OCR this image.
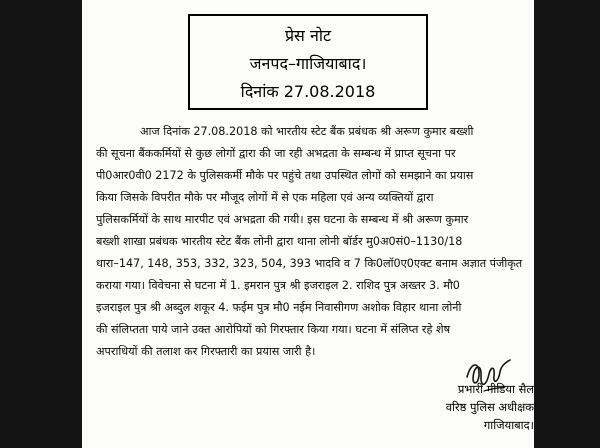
प्रेस नोट
जनपद–गाजियाबाद।
दिनांक 27.08.2018
आज दिनांक 27.08.2018 को भारतीय स्टेट बैंक प्रबंधक श्री अरूण कुमार बख्शी
की सूचना बैंककर्मियों से कुछ लोगों द्वारा की जा रही अभद्रता के सम्बन्ध में प्राप्त सूचना पर
पी0आर0वी0 2172 के पुलिसकर्मी मौके पर पहुंचे तथा उपस्थित लोगों को समझाने का प्रयास
किया जिसके विपरीत मौके पर मौजूद लोगों में से एक महिला एवं अन्य व्यक्तियों द्वारा
पुलिसकर्मियों के साथ मारपीट एवं अभद्रता की गयी। इस घटना के सम्बन्ध में श्री अरूण कुमार
बख्शी शाखा प्रबंधक भारतीय स्टेट बैंक लोनी द्वारा थाना लोनी बॉर्डर मु0अ0सं0–1130/18
धारा–147, 148, 353, 332, 323, 504, 393 भादवि व 7 कि0लॉ0ए0एक्ट बनाम अज्ञात पंजीकृत
कराया गया। विवेचना से घटना में 1. इमरान पुत्र श्री इजराइल 2. राशिद पुत्र अख्तर 3. मौ0
इजराइल पुत्र श्री अब्दुल शकूर 4. फईम पुत्र मौ0 नईम निवासीगण अशोक विहार थाना लोनी
की संलिप्तता पाये जाने उक्त आरोपियों को गिरफ्तार किया गया। घटना में संलिप्त रहे शेष
अपराधियों की तलाश कर गिरफ्तारी का प्रयास जारी है।
प्रभारी मीडिया सैल
वरिष्ठ पुलिस अधीक्षक
गाजियाबाद।
